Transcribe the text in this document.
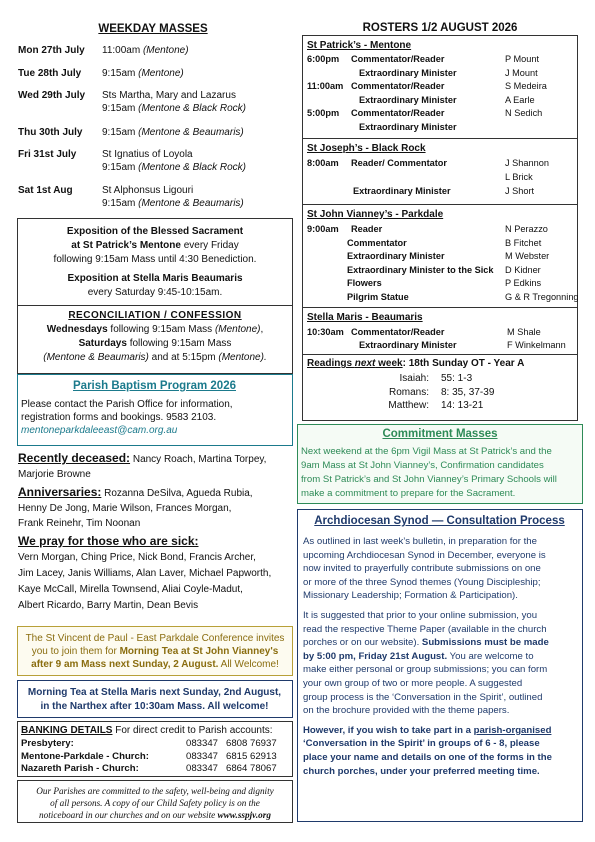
WEEKDAY MASSES
Mon 27th July 11:00am (Mentone)
Tue 28th July 9:15am (Mentone)
Wed 29th July Sts Martha, Mary and Lazarus
9:15am (Mentone & Black Rock)
Thu 30th July 9:15am (Mentone & Beaumaris)
Fri 31st July	St Ignatius of Loyola
9:15am (Mentone & Black Rock)
Sat 1st Aug	St Alphonsus Ligouri
9:15am (Mentone & Beaumaris)
Exposition of the Blessed Sacrament
at St Patrick’s Mentone every Friday
following 9:15am Mass until 4:30 Benediction.
Exposition at Stella Maris Beaumaris
every Saturday 9:45-10:15am.
RECONCILIATION / CONFESSION
Wednesdays following 9:15am Mass (Mentone),
Saturdays following 9:15am Mass
(Mentone & Beaumaris) and at 5:15pm (Mentone).
Parish Baptism Program 2026
Please contact the Parish Office for information,
registration forms and bookings. 9583 2103.
mentoneparkdaleeast@cam.org.au
Recently deceased: Nancy Roach, Martina Torpey,
Marjorie Browne
Anniversaries: Rozanna DeSilva, Agueda Rubia,
Henny De Jong, Marie Wilson, Frances Morgan,
Frank Reinehr, Tim Noonan
We pray for those who are sick:
Vern Morgan, Ching Price, Nick Bond, Francis Archer,
Jim Lacey, Janis Williams, Alan Laver, Michael Papworth,
Kaye McCall, Mirella Townsend, Aliai Coyle-Madut,
Albert Ricardo, Barry Martin, Dean Bevis
The St Vincent de Paul - East Parkdale Conference invites
you to join them for Morning Tea at St John Vianney's
after 9 am Mass next Sunday, 2 August. All Welcome!
Morning Tea at Stella Maris next Sunday, 2nd August,
in the Narthex after 10:30am Mass. All welcome!
BANKING DETAILS For direct credit to Parish accounts:
Presbytery:	083347 6808 76937
Mentone-Parkdale - Church:	083347 6815 62913
Nazareth Parish - Church:	083347 6864 78067
Our Parishes are committed to the safety, well-being and dignity
of all persons. A copy of our Child Safety policy is on the
noticeboard in our churches and on our website www.sspjv.org
ROSTERS 1/2 AUGUST 2026
St Patrick’s - Mentone
6:00pm Commentator/Reader	P Mount
Extraordinary Minister	J Mount
11:00am Commentator/Reader	S Medeira
Extraordinary Minister	A Earle
5:00pm Commentator/Reader	N Sedich
Extraordinary Minister
St Joseph’s - Black Rock
8:00am Reader/ Commentator	J Shannon
L Brick
Extraordinary Minister	J Short
St John Vianney’s - Parkdale
9:00am Reader	N Perazzo
Commentator	B Fitchet
Extraordinary Minister	M Webster
Extraordinary Minister to the Sick D Kidner
Flowers	P Edkins
Pilgrim Statue	G & R Tregonning
Stella Maris - Beaumaris
10:30am Commentator/Reader	M Shale
Extraordinary Minister	F Winkelmann
Readings next week: 18th Sunday OT - Year A
Isaiah: 55: 1-3
Romans: 8: 35, 37-39
Matthew: 14: 13-21
Commitment Masses
Next weekend at the 6pm Vigil Mass at St Patrick’s and the
9am Mass at St John Vianney’s, Confirmation candidates
from St Patrick’s and St John Vianney’s Primary Schools will
make a commitment to prepare for the Sacrament.
Archdiocesan Synod — Consultation Process
As outlined in last week’s bulletin, in preparation for the
upcoming Archdiocesan Synod in December, everyone is
now invited to prayerfully contribute submissions on one
or more of the three Synod themes (Young Discipleship;
Missionary Leadership; Formation & Participation).
It is suggested that prior to your online submission, you
read the respective Theme Paper (available in the church
porches or on our website). Submissions must be made
by 5:00 pm, Friday 21st August. You are welcome to
make either personal or group submissions; you can form
your own group of two or more people. A suggested
group process is the ‘Conversation in the Spirit’, outlined
on the brochure provided with the theme papers.
However, if you wish to take part in a parish-organised
‘Conversation in the Spirit’ in groups of 6 - 8, please
place your name and details on one of the forms in the
church porches, under your preferred meeting time.
